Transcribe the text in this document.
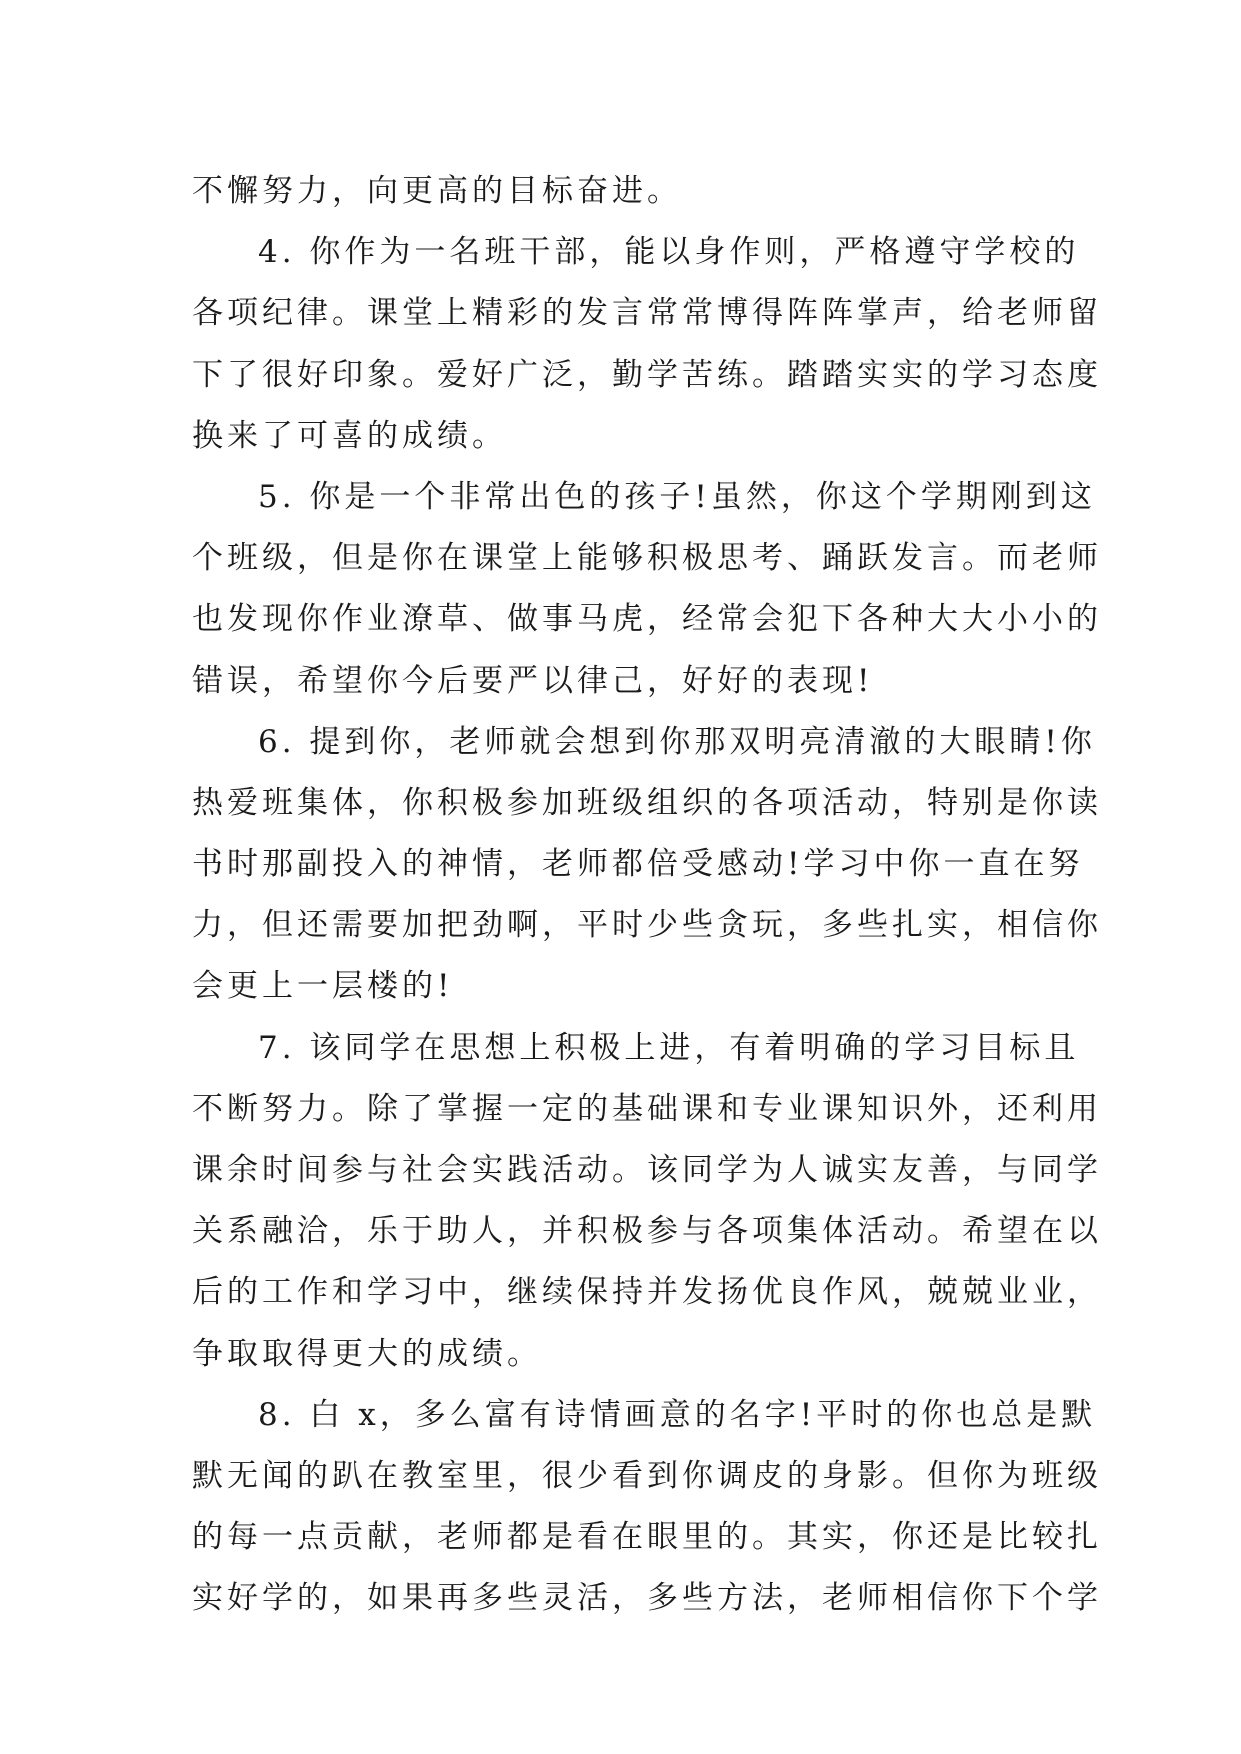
不懈努力，向更高的目标奋进。

4. 你作为一名班干部，能以身作则，严格遵守学校的

各项纪律。课堂上精彩的发言常常博得阵阵掌声，给老师留

下了很好印象。爱好广泛，勤学苦练。踏踏实实的学习态度

换来了可喜的成绩。

5. 你是一个非常出色的孩子!虽然，你这个学期刚到这

个班级，但是你在课堂上能够积极思考、踊跃发言。而老师

也发现你作业潦草、做事马虎，经常会犯下各种大大小小的

错误，希望你今后要严以律己，好好的表现!

6. 提到你，老师就会想到你那双明亮清澈的大眼睛!你

热爱班集体，你积极参加班级组织的各项活动，特别是你读

书时那副投入的神情，老师都倍受感动!学习中你一直在努

力，但还需要加把劲啊，平时少些贪玩，多些扎实，相信你

会更上一层楼的!

7. 该同学在思想上积极上进，有着明确的学习目标且

不断努力。除了掌握一定的基础课和专业课知识外，还利用

课余时间参与社会实践活动。该同学为人诚实友善，与同学

关系融洽，乐于助人，并积极参与各项集体活动。希望在以

后的工作和学习中，继续保持并发扬优良作风，兢兢业业，

争取取得更大的成绩。

8. 白 x，多么富有诗情画意的名字!平时的你也总是默

默无闻的趴在教室里，很少看到你调皮的身影。但你为班级

的每一点贡献，老师都是看在眼里的。其实，你还是比较扎

实好学的，如果再多些灵活，多些方法，老师相信你下个学
